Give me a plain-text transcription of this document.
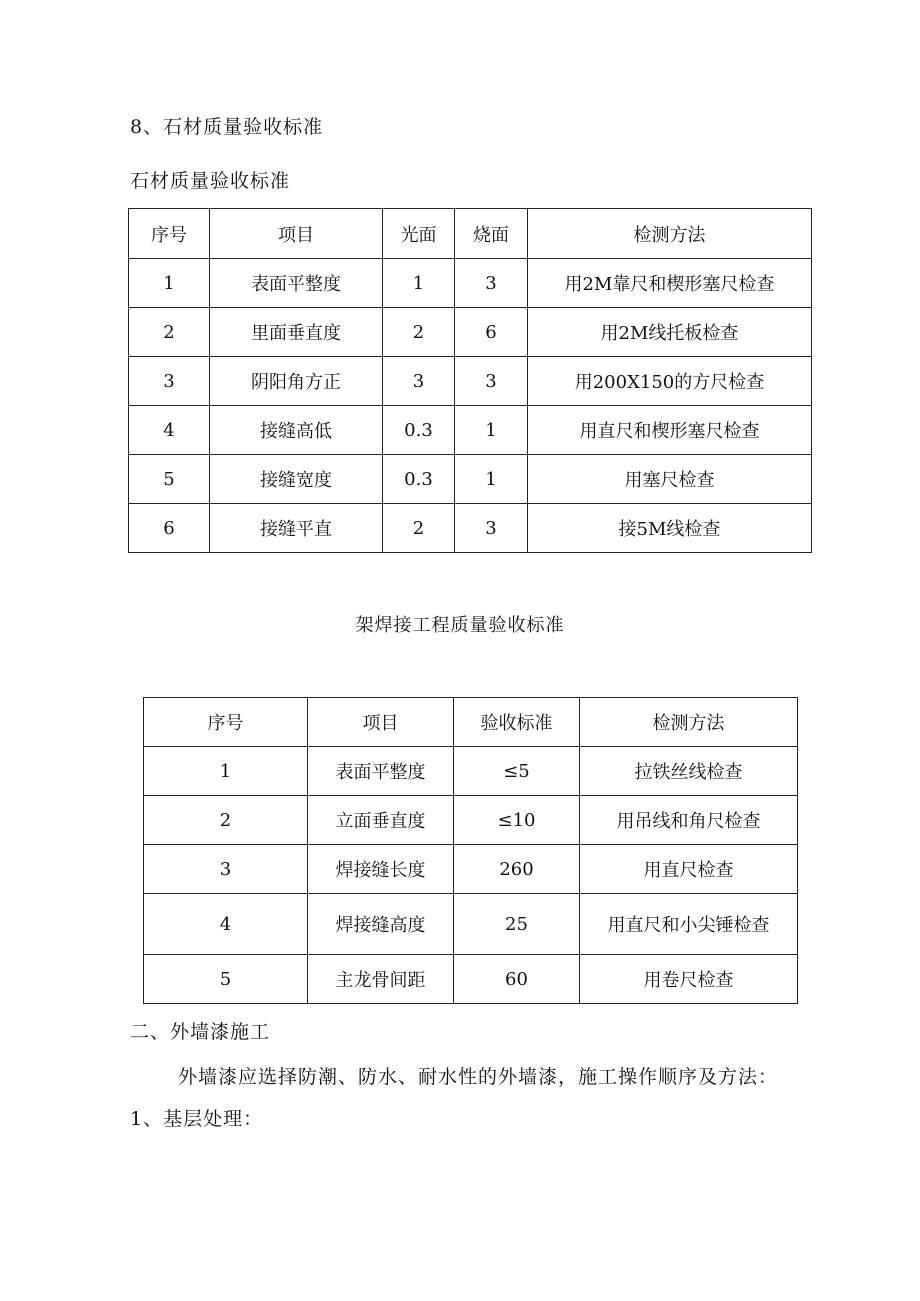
8、石材质量验收标准
石材质量验收标准
序号	项目	光面	烧面	检测方法
1	表面平整度	1	3	用2M靠尺和楔形塞尺检查
2	里面垂直度	2	6	用2M线托板检查
3	阴阳角方正	3	3	用200X150的方尺检查
4	接缝高低	0.3	1	用直尺和楔形塞尺检查
5	接缝宽度	0.3	1	用塞尺检查
6	接缝平直	2	3	接5M线检查
架焊接工程质量验收标准
序号	项目	验收标准	检测方法
1	表面平整度	≤5	拉铁丝线检查
2	立面垂直度	≤10	用吊线和角尺检查
3	焊接缝长度	260	用直尺检查
4	焊接缝高度	25	用直尺和小尖锤检查
5	主龙骨间距	60	用卷尺检查
二、外墙漆施工
外墙漆应选择防潮、防水、耐水性的外墙漆，施工操作顺序及方法：
1、基层处理：
